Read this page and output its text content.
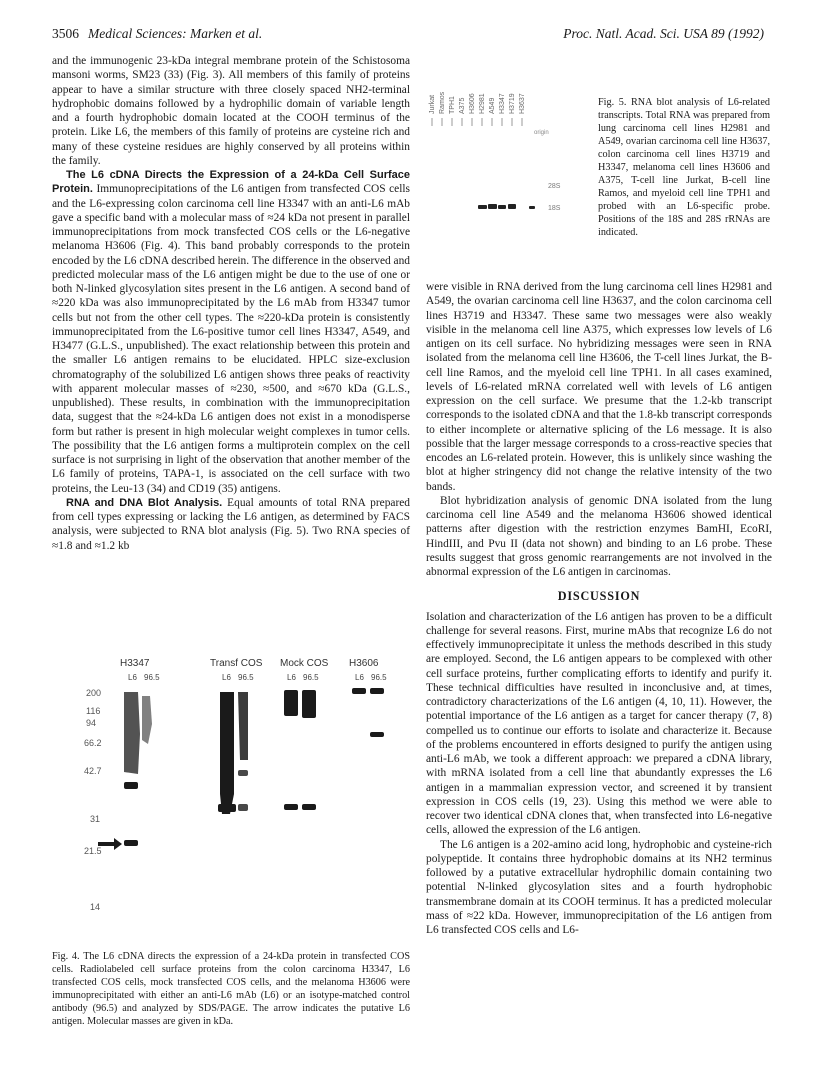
3506 Medical Sciences: Marken et al.	Proc. Natl. Acad. Sci. USA 89 (1992)

and the immunogenic 23-kDa integral membrane protein of the Schistosoma mansoni worms, SM23 (33) (Fig. 3). All members of this family of proteins appear to have a similar structure with three closely spaced NH2-terminal hydrophobic domains followed by a hydrophilic domain of variable length and a fourth hydrophobic domain located at the COOH terminus of the protein. Like L6, the members of this family of proteins are cysteine rich and many of these cysteine residues are highly conserved by all proteins within the family.

The L6 cDNA Directs the Expression of a 24-kDa Cell Surface Protein. Immunoprecipitations of the L6 antigen from transfected COS cells and the L6-expressing colon carcinoma cell line H3347 with an anti-L6 mAb gave a specific band with a molecular mass of ≈24 kDa not present in parallel immunoprecipitations from mock transfected COS cells or the L6-negative melanoma H3606 (Fig. 4). This band probably corresponds to the protein encoded by the L6 cDNA described herein. The difference in the observed and predicted molecular mass of the L6 antigen might be due to the use of one or both N-linked glycosylation sites present in the L6 antigen. A second band of ≈220 kDa was also immunoprecipitated by the L6 mAb from H3347 tumor cells but not from the other cell types. The ≈220-kDa protein is consistently immunoprecipitated from the L6-positive tumor cell lines H3347, A549, and H3477 (G.L.S., unpublished). The exact relationship between this protein and the smaller L6 antigen remains to be elucidated. HPLC size-exclusion chromatography of the solubilized L6 antigen shows three peaks of reactivity with apparent molecular masses of ≈230, ≈500, and ≈670 kDa (G.L.S., unpublished). These results, in combination with the immunoprecipitation data, suggest that the ≈24-kDa L6 antigen does not exist in a monodisperse form but rather is present in high molecular weight complexes in tumor cells. The possibility that the L6 antigen forms a multiprotein complex on the cell surface is not surprising in light of the observation that another member of the L6 family of proteins, TAPA-1, is associated on the cell surface with two proteins, the Leu-13 (34) and CD19 (35) antigens.

RNA and DNA Blot Analysis. Equal amounts of total RNA prepared from cell types expressing or lacking the L6 antigen, as determined by FACS analysis, were subjected to RNA blot analysis (Fig. 5). Two RNA species of ≈1.8 and ≈1.2 kb

Jurkat Ramos TPH1 A375 H3606 H2981 A549 H3347 H3719 H3637
origin
28S
18S
Fig. 5. RNA blot analysis of L6-related transcripts. Total RNA was prepared from lung carcinoma cell lines H2981 and A549, ovarian carcinoma cell line H3637, colon carcinoma cell lines H3719 and H3347, melanoma cell lines H3606 and A375, T-cell line Jurkat, B-cell line Ramos, and myeloid cell line TPH1 and probed with an L6-specific probe. Positions of the 18S and 28S rRNAs are indicated.

were visible in RNA derived from the lung carcinoma cell lines H2981 and A549, the ovarian carcinoma cell line H3637, and the colon carcinoma cell lines H3719 and H3347. These same two messages were also weakly visible in the melanoma cell line A375, which expresses low levels of L6 antigen on its cell surface. No hybridizing messages were seen in RNA isolated from the melanoma cell line H3606, the T-cell lines Jurkat, the B-cell line Ramos, and the myeloid cell line TPH1. In all cases examined, levels of L6-related mRNA correlated well with levels of L6 antigen expression on the cell surface. We presume that the 1.2-kb transcript corresponds to the isolated cDNA and that the 1.8-kb transcript corresponds to either incomplete or alternative splicing of the L6 message. It is also possible that the larger message corresponds to a cross-reactive species that encodes an L6-related protein. However, this is unlikely since washing the blot at higher stringency did not change the relative intensity of the two bands.

Blot hybridization analysis of genomic DNA isolated from the lung carcinoma cell line A549 and the melanoma H3606 showed identical patterns after digestion with the restriction enzymes BamHI, EcoRI, HindIII, and Pvu II (data not shown) and binding to an L6 probe. These results suggest that gross genomic rearrangements are not involved in the abnormal expression of the L6 antigen in carcinomas.

DISCUSSION

Isolation and characterization of the L6 antigen has proven to be a difficult challenge for several reasons. First, murine mAbs that recognize L6 do not effectively immunoprecipitate it unless the methods described in this study are employed. Second, the L6 antigen appears to be complexed with other cell surface proteins, further complicating efforts to identify and purify it. These technical difficulties have resulted in inconclusive and, at times, contradictory characterizations of the L6 antigen (4, 10, 11). However, the potential importance of the L6 antigen as a target for cancer therapy (7, 8) compelled us to continue our efforts to isolate and characterize it. Because of the problems encountered in efforts designed to purify the antigen using anti-L6 mAb, we took a different approach: we prepared a cDNA library, with mRNA isolated from a cell line that abundantly expresses the L6 antigen in a mammalian expression vector, and screened it by transient expression in COS cells (19, 23). Using this method we were able to recover two identical cDNA clones that, when transfected into L6-negative cells, allowed the expression of the L6 antigen.

The L6 antigen is a 202-amino acid long, hydrophobic and cysteine-rich polypeptide. It contains three hydrophobic domains at its NH2 terminus followed by a putative extracellular hydrophilic domain containing two potential N-linked glycosylation sites and a fourth hydrophobic transmembrane domain at its COOH terminus. It has a predicted molecular mass of ≈22 kDa. However, immunoprecipitation of the L6 antigen from L6 transfected COS cells and L6-

H3347	Transf COS Mock COS H3606
L6 96.5	L6 96.5	L6 96.5	L6 96.5
200
116
94
66.2
42.7
31
21.5
14
Fig. 4. The L6 cDNA directs the expression of a 24-kDa protein in transfected COS cells. Radiolabeled cell surface proteins from the colon carcinoma H3347, L6 transfected COS cells, mock transfected COS cells, and the melanoma H3606 were immunoprecipitated with either an anti-L6 mAb (L6) or an isotype-matched control antibody (96.5) and analyzed by SDS/PAGE. The arrow indicates the putative L6 antigen. Molecular masses are given in kDa.
